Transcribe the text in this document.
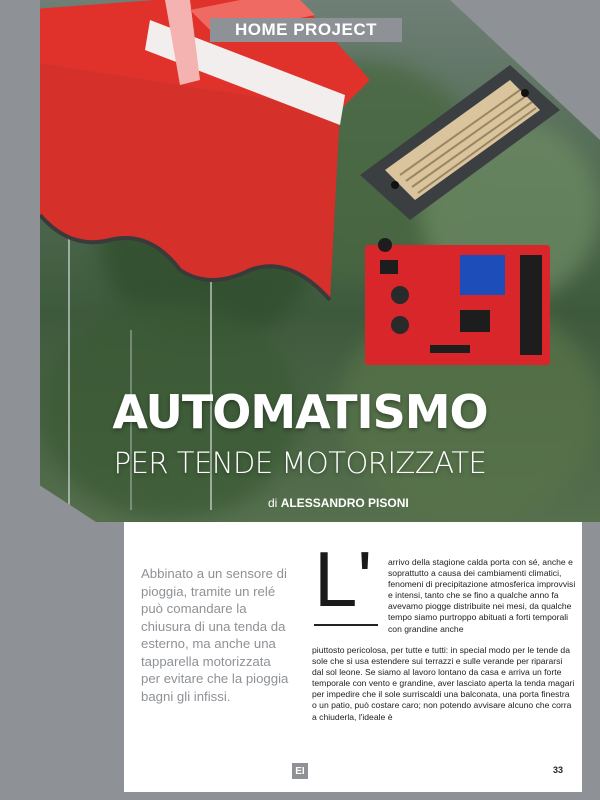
HOME PROJECT
AUTOMATISMO
PER TENDE MOTORIZZATE
di ALESSANDRO PISONI

Abbinato a un sensore di pioggia, tramite un relé può comandare la chiusura di una tenda da esterno, ma anche una tapparella motorizzata per evitare che la pioggia bagni gli infissi.

L' arrivo della stagione calda porta con sé, anche e soprattutto a causa dei cambiamenti climatici, fenomeni di precipitazione atmosferica improvvisi e intensi, tanto che se fino a qualche anno fa avevamo piogge distribuite nei mesi, da qualche tempo siamo purtroppo abituati a forti temporali con grandine anche

piuttosto pericolosa, per tutte e tutti: in special modo per le tende da sole che si usa estendere sui terrazzi e sulle verande per ripararsi dal sol leone. Se siamo al lavoro lontano da casa e arriva un forte temporale con vento e grandine, aver lasciato aperta la tenda magari per impedire che il sole surriscaldi una balconata, una porta finestra o un patio, può costare caro; non potendo avvisare alcuno che corra a chiuderla, l'ideale è

ΕΙ	33
